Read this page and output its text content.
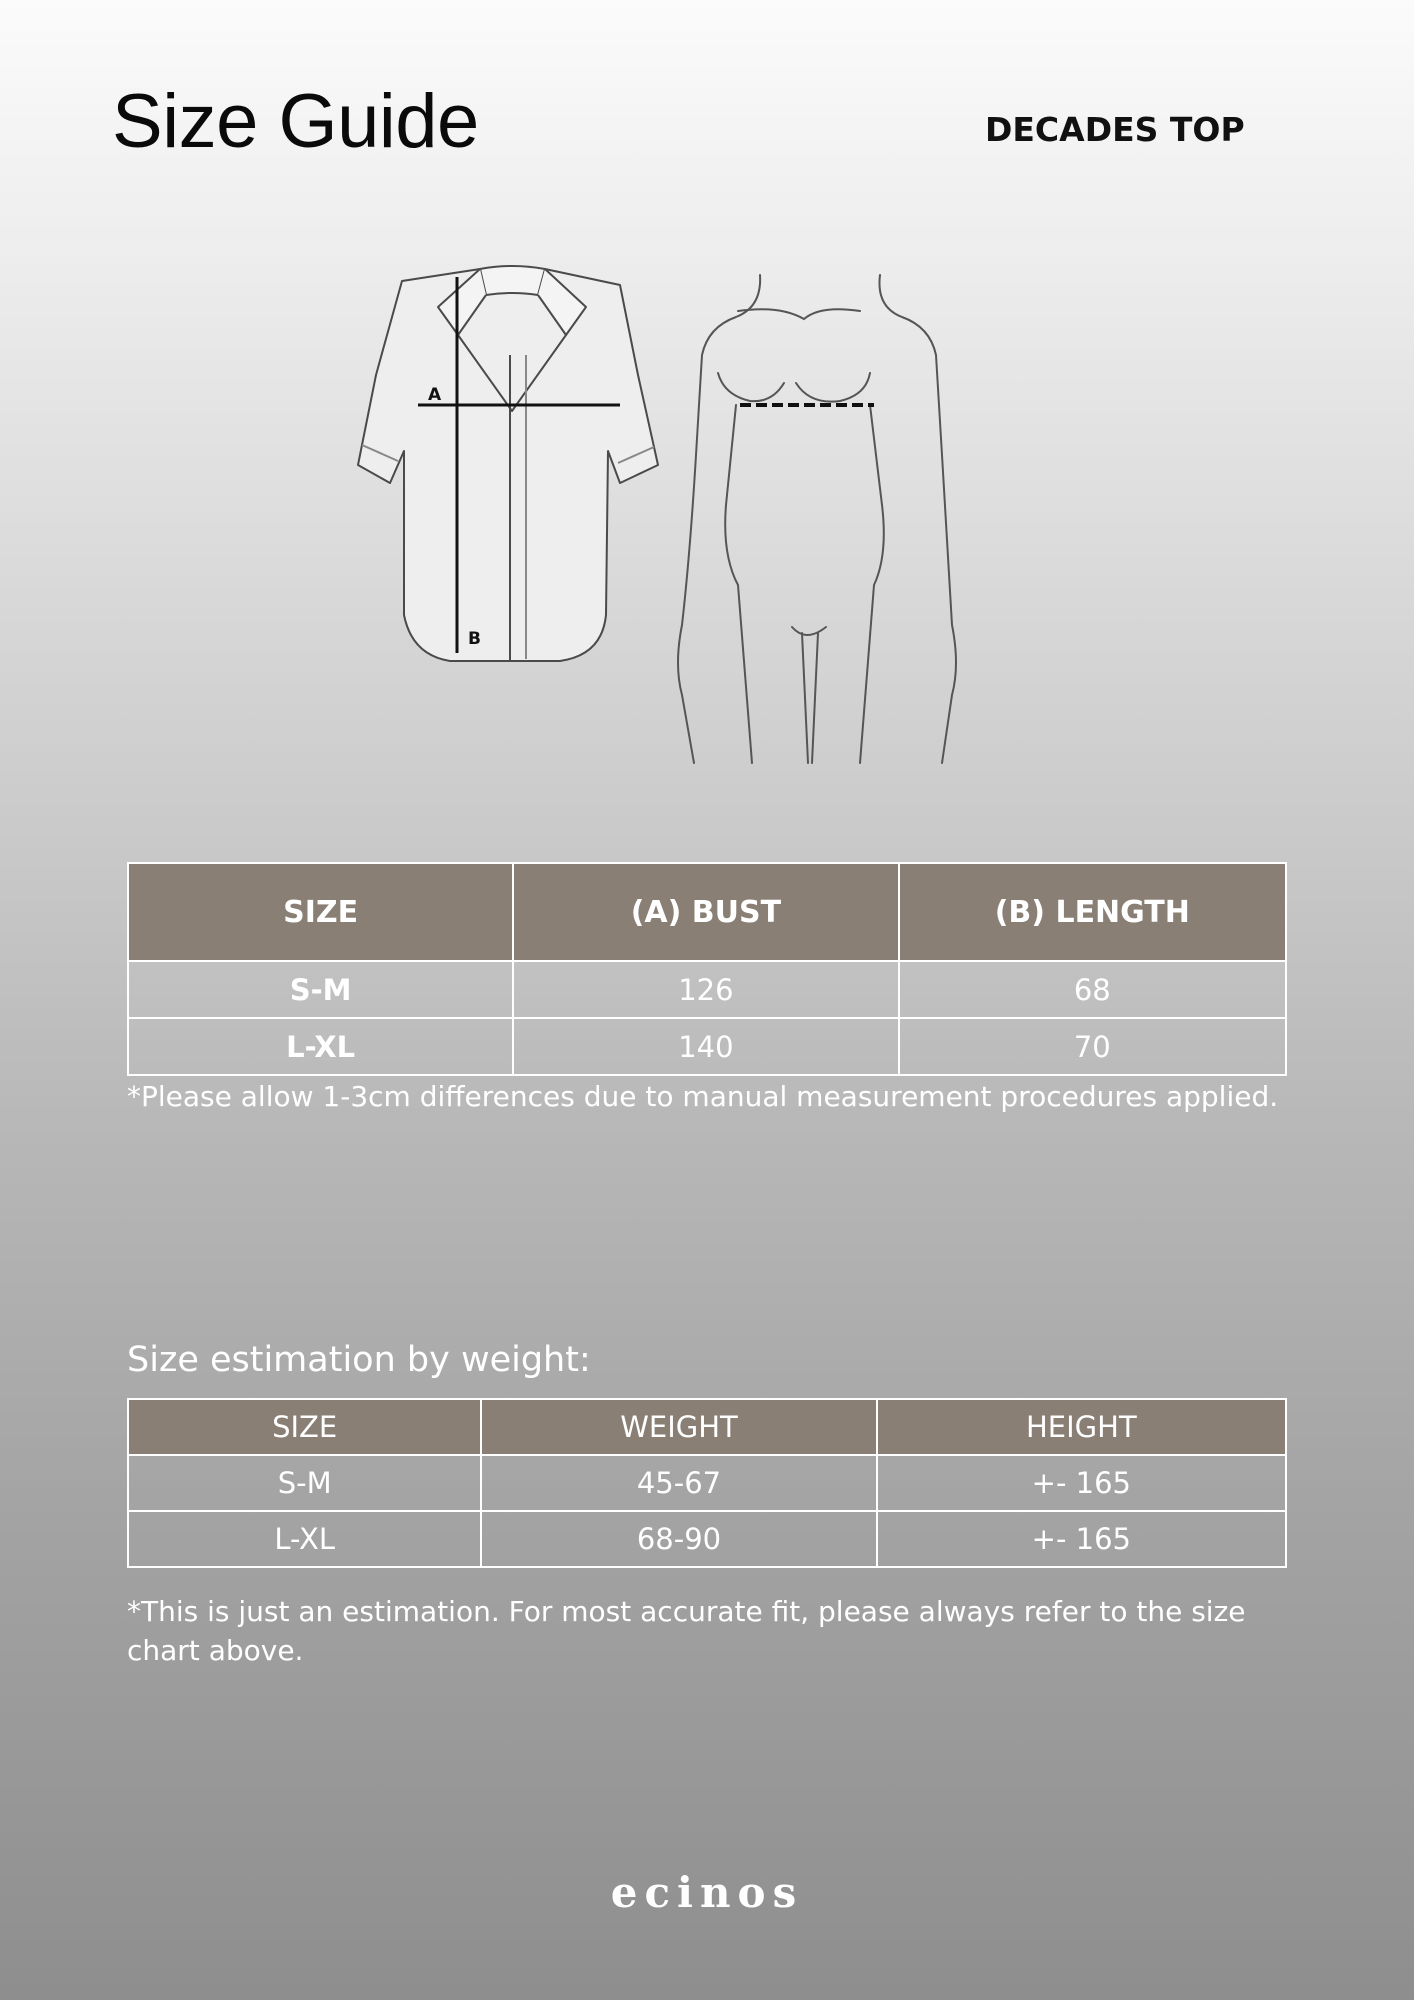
Size Guide	DECADES TOP
A
B
SIZE	(A) BUST	(B) LENGTH
S-M	126	68
L-XL	140	70

*Please allow 1-3cm differences due to manual measurement procedures applied.

Size estimation by weight:

SIZE	WEIGHT	HEIGHT
S-M	45-67	+- 165
L-XL	68-90	+- 165

*This is just an estimation. For most accurate fit, please always refer to the size chart above.

ecinos
